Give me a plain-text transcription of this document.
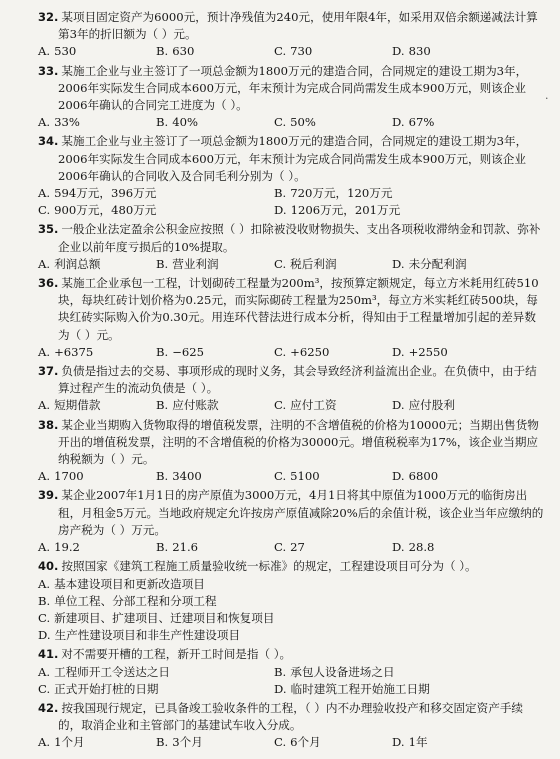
32. 某项目固定资产为6000元，预计净残值为240元，使用年限4年，如采用双倍余额递减法计算第3年的折旧额为（ ）元。
A. 530	B. 630	C. 730	D. 830
33. 某施工企业与业主签订了一项总金额为1800万元的建造合同，合同规定的建设工期为3年，2006年实际发生合同成本600万元，年末预计为完成合同尚需发生成本900万元，则该企业2006年确认的合同完工进度为（ ）。
A. 33%	B. 40%	C. 50%	D. 67%
34. 某施工企业与业主签订了一项总金额为1800万元的建造合同，合同规定的建设工期为3年，2006年实际发生合同成本600万元，年末预计为完成合同尚需发生成本900万元，则该企业2006年确认的合同收入及合同毛利分别为（ ）。
A. 594万元，396万元	B. 720万元，120万元
C. 900万元，480万元	D. 1206万元，201万元
35. 一般企业法定盈余公积金应按照（ ）扣除被没收财物损失、支出各项税收滞纳金和罚款、弥补企业以前年度亏损后的10%提取。
A. 利润总额	B. 营业利润	C. 税后利润	D. 未分配利润
36. 某施工企业承包一工程，计划砌砖工程量为200m³，按预算定额规定，每立方米耗用红砖510块，每块红砖计划价格为0.25元，而实际砌砖工程量为250m³，每立方米实耗红砖500块，每块红砖实际购入价为0.30元。用连环代替法进行成本分析，得知由于工程量增加引起的差异数为（ ）元。
A. +6375	B. −625	C. +6250	D. +2550
37. 负债是指过去的交易、事项形成的现时义务，其会导致经济利益流出企业。在负债中，由于结算过程产生的流动负债是（ ）。
A. 短期借款	B. 应付账款	C. 应付工资	D. 应付股利
38. 某企业当期购入货物取得的增值税发票，注明的不含增值税的价格为10000元；当期出售货物开出的增值税发票，注明的不含增值税的价格为30000元。增值税税率为17%，该企业当期应纳税额为（ ）元。
A. 1700	B. 3400	C. 5100	D. 6800
39. 某企业2007年1月1日的房产原值为3000万元，4月1日将其中原值为1000万元的临街房出租，月租金5万元。当地政府规定允许按房产原值减除20%后的余值计税，该企业当年应缴纳的房产税为（ ）万元。
A. 19.2	B. 21.6	C. 27	D. 28.8
40. 按照国家《建筑工程施工质量验收统一标准》的规定，工程建设项目可分为（ ）。
A. 基本建设项目和更新改造项目
B. 单位工程、分部工程和分项工程
C. 新建项目、扩建项目、迁建项目和恢复项目
D. 生产性建设项目和非生产性建设项目
41. 对不需要开槽的工程，新开工时间是指（ ）。
A. 工程师开工令送达之日	B. 承包人设备进场之日
C. 正式开始打桩的日期	D. 临时建筑工程开始施工日期
42. 按我国现行规定，已具备竣工验收条件的工程，（ ）内不办理验收投产和移交固定资产手续的，取消企业和主管部门的基建试车收入分成。
A. 1个月	B. 3个月	C. 6个月	D. 1年
·
